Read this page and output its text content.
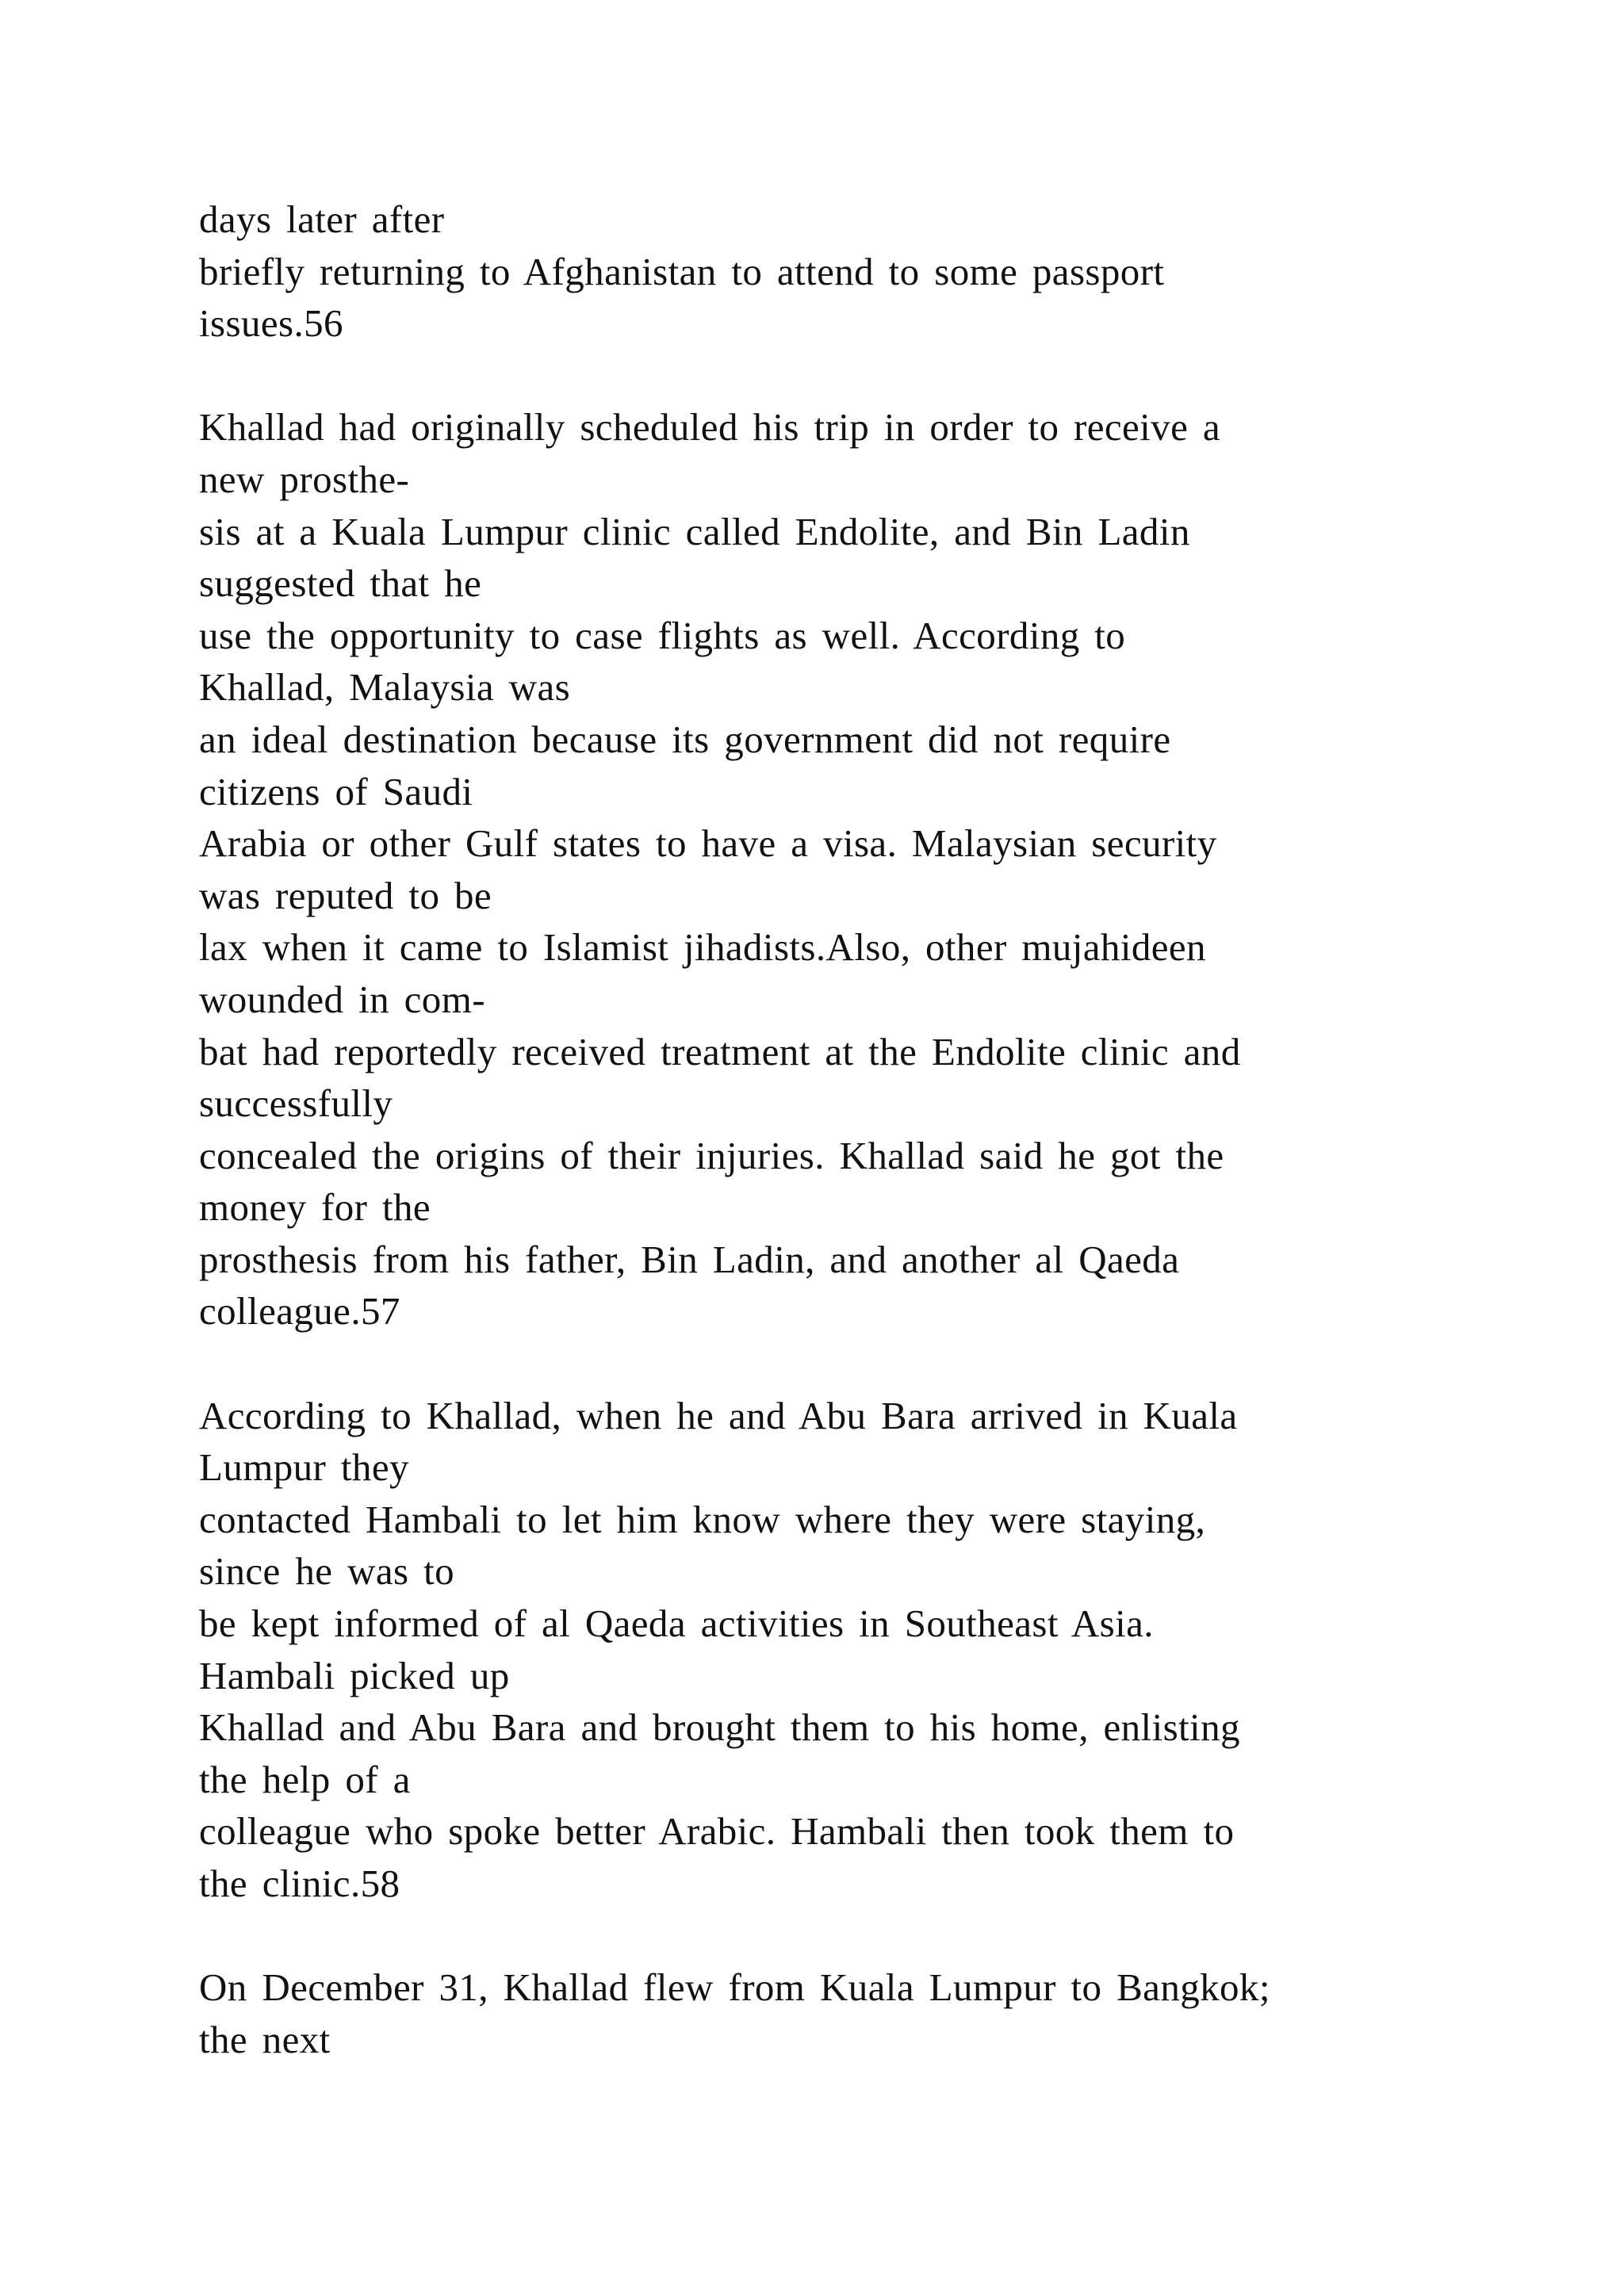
days later after
briefly returning to Afghanistan to attend to some passport
issues.56
Khallad had originally scheduled his trip in order to receive a
new prosthe-
sis at a Kuala Lumpur clinic called Endolite, and Bin Ladin
suggested that he
use the opportunity to case flights as well. According to
Khallad, Malaysia was
an ideal destination because its government did not require
citizens of Saudi
Arabia or other Gulf states to have a visa. Malaysian security
was reputed to be
lax when it came to Islamist jihadists.Also, other mujahideen
wounded in com-
bat had reportedly received treatment at the Endolite clinic and
successfully
concealed the origins of their injuries. Khallad said he got the
money for the
prosthesis from his father, Bin Ladin, and another al Qaeda
colleague.57
According to Khallad, when he and Abu Bara arrived in Kuala
Lumpur they
contacted Hambali to let him know where they were staying,
since he was to
be kept informed of al Qaeda activities in Southeast Asia.
Hambali picked up
Khallad and Abu Bara and brought them to his home, enlisting
the help of a
colleague who spoke better Arabic. Hambali then took them to
the clinic.58
On December 31, Khallad flew from Kuala Lumpur to Bangkok;
the next
